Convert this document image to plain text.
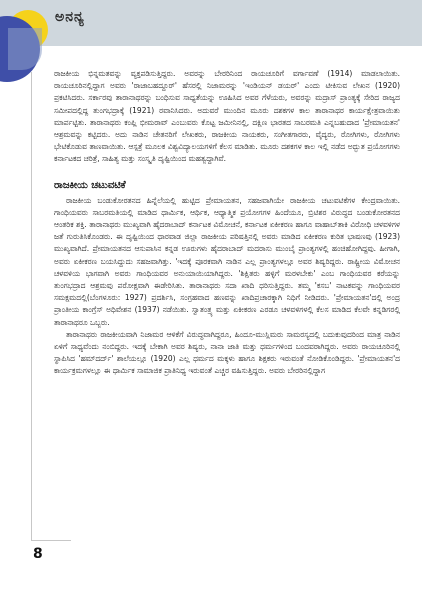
ಅನನ್ಯ

ರಾಜಕೀಯ ಭಿನ್ನಮತವನ್ನು ವ್ಯಕ್ತಪಡಿಸುತ್ತಿದ್ದರು. ಅವರನ್ನು ಬೇರರಿನಿಂದ ರಾಯಚೂರಿಗೆ ವರ್ಗಾವಣೆ (1914) ಮಾಡಲಾಯಿತು. ರಾಯಚೂರಿನಲ್ಲಿದ್ದಾಗ ಅವರು 'ರಾಜಾಬಹದ್ದೂರ್' ಹೆಸರಲ್ಲಿ ನಿಜಾಮರನ್ನು 'ಇಂಡಿಯನ್ ಡಯರ್' ಎಂದು ಟೀಕಿಸುವ ಲೇಖನ (1920) ಪ್ರಕಟಿಸಿದರು. ಸರ್ಕಾರವು ತಾರಾನಾಥರನ್ನು ಬಂಧಿಸುವ ಸಾಧ್ಯತೆಯನ್ನು ಊಹಿಸಿದ ಅವರ ಗೆಳೆಯರು, ಅವರನ್ನು ಮದ್ರಾಸ್ ಪ್ರಾಂತ್ಯಕ್ಕೆ ಸೇರಿದ ರಾಜ್ಯದ ಸಮೀಪದಲ್ಲಿದ್ದ ತುಂಗಭದ್ರಾಕ್ಕೆ (1921) ರವಾನಿಸಿದರು. ಅದುವರೆ ಮುಂದಿನ ಮೂರು ದಶಕಗಳ ಕಾಲ ತಾರಾನಾಥರ ಕಾರ್ಯಕ್ಷೇತ್ರವಾಯಿತು ಮಾರ್ಪಟ್ಟಿತು. ತಾರಾನಾಥರು ಕಂಪ್ಲಿ ಭೀಮರಾವ್ ಎಂಬುವರು ಕೊಟ್ಟ ಜಮೀನಿನಲ್ಲಿ, ದಕ್ಷಿಣ ಭಾರತದ ಸಾಬರಮತಿ ಎನ್ನಬಹುದಾದ 'ಪ್ರೇಮಾಯತನ' ಆಶ್ರಮವನ್ನು ಕಟ್ಟಿದರು. ಅದು ನಾಡಿನ ಚೇತನರಿಗೆ ಲೇಖಕರು, ರಾಜಕೀಯ ನಾಯಕರು, ಸಂಗೀತಗಾರರು, ವೈದ್ಯರು, ರೋಗಿಗಳು, ರೋಗಿಗಳು ಭೇಟಿಕೊಡುವ ತಾಣವಾಯಿತು. ಆಸ್ಪತ್ರೆ ಮೂಲಕ ವಿಶ್ವವಿದ್ಯಾಲಯಗಳಿಗೆ ಕೆಲಸ ಮಾಡಿತು. ಮೂರು ದಶಕಗಳ ಕಾಲ ಇಲ್ಲಿ ನಡೆದ ಅದ್ಭುತ ಪ್ರಯೋಗಗಳು ಕರ್ನಾಟಕದ ಚರಿತ್ರೆ, ಸಾಹಿತ್ಯ ಮತ್ತು ಸಂಸ್ಕೃತಿ ದೃಷ್ಟಿಯಿಂದ ಮಹತ್ವದ್ದಾಗಿವೆ.

ರಾಜಕೀಯ ಚಟುವಟಿಕೆ

ರಾಜಕೀಯ ಬಂಡುಕೋರತನದ ಹಿನ್ನೆಲೆಯಲ್ಲಿ ಹುಟ್ಟಿದ ಪ್ರೇಮಾಯತನ, ಸಹಜವಾಗಿಯೇ ರಾಜಕೀಯ ಚಟುವಟಿಕೆಗಳ ಕೇಂದ್ರವಾಯಿತು. ಗಾಂಧಿಯವರು ಸಾಬರಮತಿಯಲ್ಲಿ ಮಾಡಿದ ಧಾರ್ಮಿಕ, ಆರ್ಥಿಕ, ಆಧ್ಯಾತ್ಮಿಕ ಪ್ರಯೋಗಗಳ ಹಿಂದೆಯೂ, ಬ್ರಿಟಿಶರ ವಿರುದ್ಧದ ಬಂಡುಕೋರತನದ ಆಂತರಿಕ ಶಕ್ತಿ. ತಾರಾನಾಥರು ಮುಖ್ಯವಾಗಿ ಹೈದರಾಬಾದ್ ಕರ್ನಾಟಕ ವಿಮೋಚನೆ, ಕರ್ನಾಟಕ ಏಕೀಕರಣ ಹಾಗೂ ವಾಹಾಬ್‌ತಾಕಿ ವಿರೋಧಿ ಚಳವಳಿಗಳ ಜತೆ ಗುರುತಿಸಿಕೊಂಡರು. ಈ ದೃಷ್ಟಿಯಿಂದ ಧಾರವಾಡ ಜಿಲ್ಲಾ ರಾಜಕೀಯ ಪರಿಷತ್ತಿನಲ್ಲಿ ಅವರು ಮಾಡಿದ ಏಕೀಕರಣ ಕುರಿತ ಭಾಷಣವು (1923) ಮುಖ್ಯವಾಗಿದೆ. ಪ್ರೇಮಾಯತನದ ಆಸುಪಾಸಿನ ಕನ್ನಡ ಊರುಗಳು ಹೈದರಾಬಾದ್ ಮದರಾಸು ಮುಂಬೈ ಪ್ರಾಂತ್ಯಗಳಲ್ಲಿ ಹಂಚಿಹೋಗಿದ್ದವು. ಹೀಗಾಗಿ, ಅವರು ಏಕೀಕರಣ ಬಯಸಿದ್ದುದು ಸಹಜವಾಗಿತ್ತು. 'ಇದಕ್ಕೆ ಪೂರಕವಾಗಿ ನಾಡಿನ ಎಲ್ಲ ಪ್ರಾಂತ್ಯಗಳಲ್ಲೂ ಅವರ ಶಿಷ್ಯರಿದ್ದರು. ರಾಷ್ಟ್ರೀಯ ವಿಮೋಚನ ಚಳವಳಿಯ ಭಾಗವಾಗಿ ಅವರು ಗಾಂಧಿಯವರ ಅನುಯಾಯಿಯಾಗಿದ್ದರು. 'ಶಿಕ್ಷಿತರು ಹಳ್ಳಿಗೆ ಮರಳಬೇಕು' ಎಂಬ ಗಾಂಧಿಯವರ ಕರೆಯನ್ನು ತುಂಗಭದ್ರಾದ ಆಶ್ರಮವು ಪರೋಕ್ಷವಾಗಿ ಈಡೇರಿಸಿತು. ತಾರಾನಾಥರು ಸದಾ ಖಾದಿ ಧರಿಸುತ್ತಿದ್ದರು. ತಮ್ಮ 'ಕಸಬ' ನಾಟಕವನ್ನು ಗಾಂಧಿಯವರ ಸಮಕ್ಷಮದಲ್ಲಿ(ಬೆಂಗಳೂರು: 1927) ಪ್ರದರ್ಶಿಸಿ, ಸಂಗ್ರಹವಾದ ಹಣವನ್ನು ಖಾದಿಪ್ರಚಾರಕ್ಕಾಗಿ ನಿಧಿಗೆ ನೀಡಿದರು. 'ಪ್ರೇಮಾಯತನ'ದಲ್ಲಿ ಅಂದ್ರ ಪ್ರಾಂತೀಯ ಕಾಂಗ್ರೆಸ್ ಅಧಿವೇಶನ (1937) ನಡೆಯಿತು. ಸ್ವಾತಂತ್ರ್ಯ ಮತ್ತು ಏಕೀಕರಣ ಎರಡೂ ಚಳವಳಿಗಳಲ್ಲಿ ಕೆಲಸ ಮಾಡಿದ ಕೆಲವೇ ಕನ್ನಡಿಗರಲ್ಲಿ ತಾರಾನಾಥರೂ ಒಬ್ಬರು.

ತಾರಾನಾಥರು ರಾಜಕೀಯವಾಗಿ ನಿಜಾಮರ ಆಳಿಕೆಗೆ ವಿರುದ್ಧವಾಗಿದ್ದರೂ, ಹಿಂದೂ-ಮುಸ್ಲಿಮರು ಸಾಮರಸ್ಯದಲ್ಲಿ ಬದುಕುವುದರಿಂದ ಮಾತ್ರ ನಾಡಿನ ಏಳಿಗೆ ಸಾಧ್ಯವೆಂದು ನಂಬಿದ್ದರು. ಇದಕ್ಕೆ ಬೇಕಾಗಿ ಅವರ ಶಿಷ್ಯರು, ನಾನಾ ಜಾತಿ ಮತ್ತು ಧರ್ಮಗಳಿಂದ ಬಂದವರಾಗಿದ್ದರು. ಅವರು ರಾಯಚೂರಿನಲ್ಲಿ ಸ್ಥಾಪಿಸಿದ 'ಹಮ್‌ದರ್ದ್' ಶಾಲೆಯಲ್ಲೂ (1920) ಎಲ್ಲ ಧರ್ಮದ ಮಕ್ಕಳು ಹಾಗೂ ಶಿಕ್ಷಕರು ಇರುವಂತೆ ನೋಡಿಕೊಂಡಿದ್ದರು. 'ಪ್ರೇಮಾಯತನ'ದ ಕಾರ್ಯಕ್ರಮಗಳಲ್ಲೂ ಈ ಧಾರ್ಮಿಕ ಸಾಮಾಜಿಕ ಪ್ರಾತಿನಿಧ್ಯ ಇರುವಂತೆ ಎಚ್ಚರ ವಹಿಸುತ್ತಿದ್ದರು. ಅವರು ಬೇರರಿನಲ್ಲಿದ್ದಾಗ

8
